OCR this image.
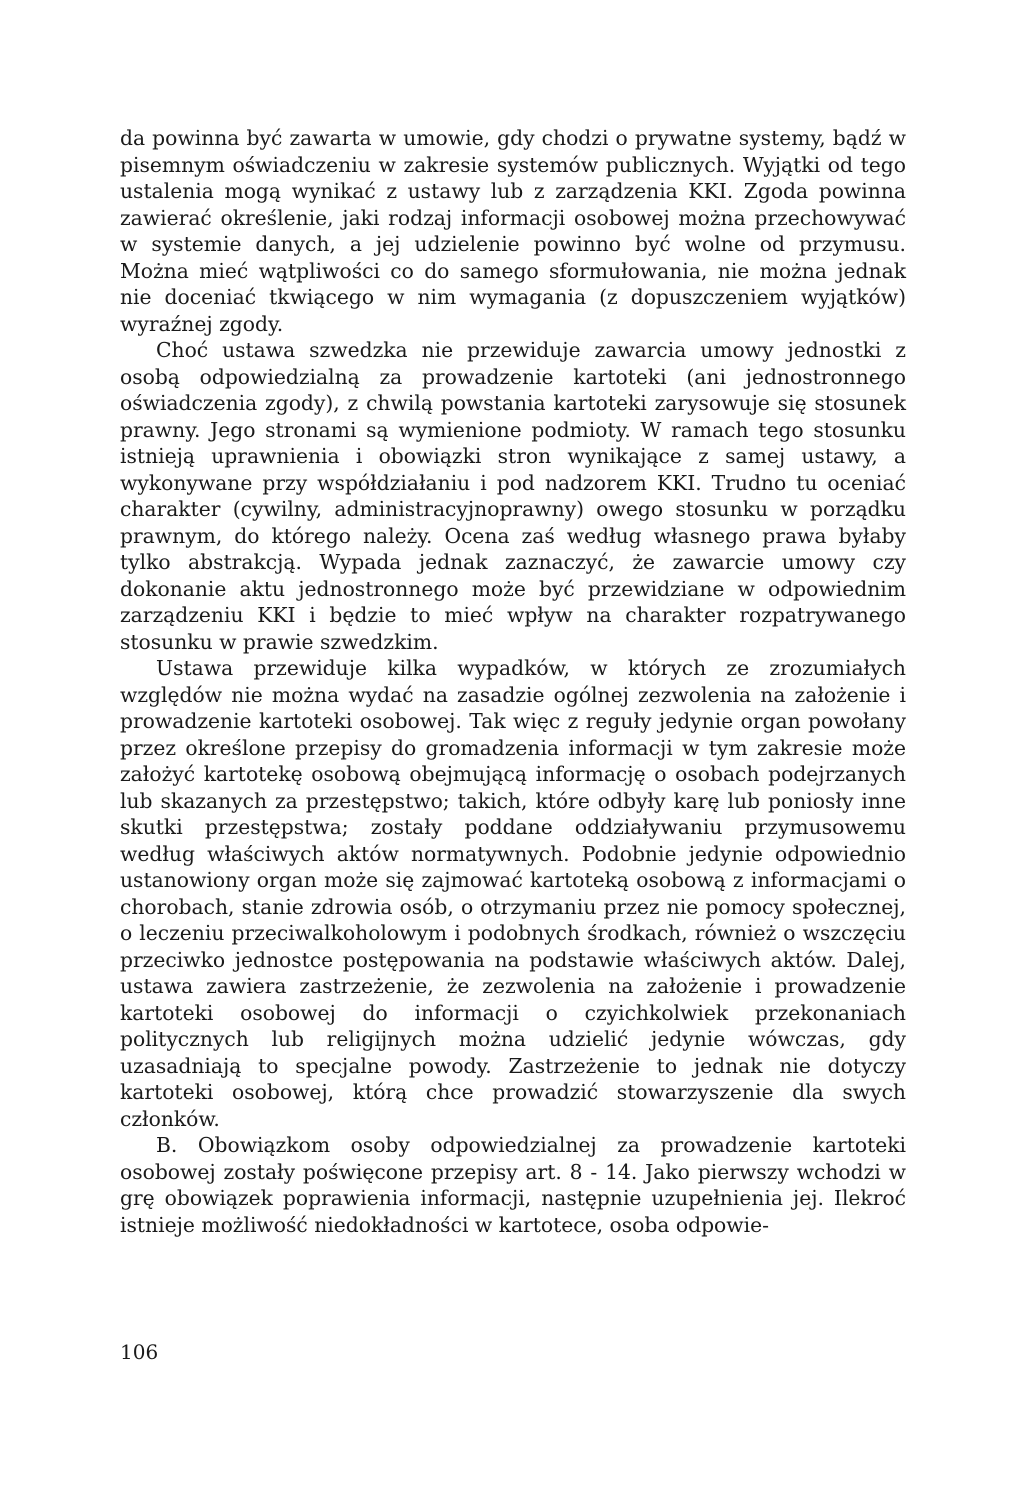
da powinna być zawarta w umowie, gdy chodzi o prywatne systemy, bądź w pisemnym oświadczeniu w zakresie systemów publicznych. Wyjątki od tego ustalenia mogą wynikać z ustawy lub z zarządzenia KKI. Zgoda powinna zawierać określenie, jaki rodzaj informacji osobowej można przechowywać w systemie danych, a jej udzielenie powinno być wolne od przymusu. Można mieć wątpliwości co do samego sformułowania, nie można jednak nie doceniać tkwiącego w nim wymagania (z dopuszczeniem wyjątków) wyraźnej zgody.

Choć ustawa szwedzka nie przewiduje zawarcia umowy jednostki z osobą odpowiedzialną za prowadzenie kartoteki (ani jednostronnego oświadczenia zgody), z chwilą powstania kartoteki zarysowuje się stosunek prawny. Jego stronami są wymienione podmioty. W ramach tego stosunku istnieją uprawnienia i obowiązki stron wynikające z samej ustawy, a wykonywane przy współdziałaniu i pod nadzorem KKI. Trudno tu oceniać charakter (cywilny, administracyjnoprawny) owego stosunku w porządku prawnym, do którego należy. Ocena zaś według własnego prawa byłaby tylko abstrakcją. Wypada jednak zaznaczyć, że zawarcie umowy czy dokonanie aktu jednostronnego może być przewidziane w odpowiednim zarządzeniu KKI i będzie to mieć wpływ na charakter rozpatrywanego stosunku w prawie szwedzkim.

Ustawa przewiduje kilka wypadków, w których ze zrozumiałych względów nie można wydać na zasadzie ogólnej zezwolenia na założenie i prowadzenie kartoteki osobowej. Tak więc z reguły jedynie organ powołany przez określone przepisy do gromadzenia informacji w tym zakresie może założyć kartotekę osobową obejmującą informację o osobach podejrzanych lub skazanych za przestępstwo; takich, które odbyły karę lub poniosły inne skutki przestępstwa; zostały poddane oddziaływaniu przymusowemu według właściwych aktów normatywnych. Podobnie jedynie odpowiednio ustanowiony organ może się zajmować kartoteką osobową z informacjami o chorobach, stanie zdrowia osób, o otrzymaniu przez nie pomocy społecznej, o leczeniu przeciwalkoholowym i podobnych środkach, również o wszczęciu przeciwko jednostce postępowania na podstawie właściwych aktów. Dalej, ustawa zawiera zastrzeżenie, że zezwolenia na założenie i prowadzenie kartoteki osobowej do informacji o czyichkolwiek przekonaniach politycznych lub religijnych można udzielić jedynie wówczas, gdy uzasadniają to specjalne powody. Zastrzeżenie to jednak nie dotyczy kartoteki osobowej, którą chce prowadzić stowarzyszenie dla swych członków.

B. Obowiązkom osoby odpowiedzialnej za prowadzenie kartoteki osobowej zostały poświęcone przepisy art. 8 - 14. Jako pierwszy wchodzi w grę obowiązek poprawienia informacji, następnie uzupełnienia jej. Ilekroć istnieje możliwość niedokładności w kartotece, osoba odpowie-

106
